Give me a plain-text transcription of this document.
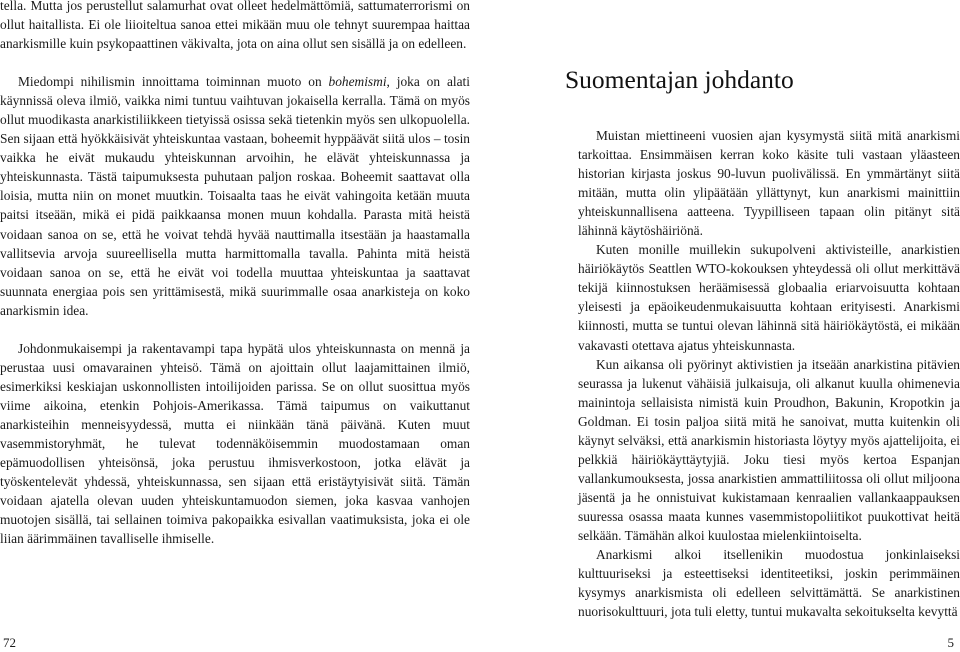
tella. Mutta jos perustellut salamurhat ovat olleet hedelmättömiä, sattumaterrorismi on ollut haitallista. Ei ole liioiteltua sanoa ettei mikään muu ole tehnyt suurempaa haittaa anarkismille kuin psykopaattinen väkivalta, jota on aina ollut sen sisällä ja on edelleen.

Miedompi nihilismin innoittama toiminnan muoto on bohemismi, joka on alati käynnissä oleva ilmiö, vaikka nimi tuntuu vaihtuvan jokaisella kerralla. Tämä on myös ollut muodikasta anarkistiliikkeen tietyissä osissa sekä tietenkin myös sen ulkopuolella. Sen sijaan että hyökkäisivät yhteiskuntaa vastaan, boheemit hyppäävät siitä ulos – tosin vaikka he eivät mukaudu yhteiskunnan arvoihin, he elävät yhteiskunnassa ja yhteiskunnasta. Tästä taipumuksesta puhutaan paljon roskaa. Boheemit saattavat olla loisia, mutta niin on monet muutkin. Toisaalta taas he eivät vahingoita ketään muuta paitsi itseään, mikä ei pidä paikkaansa monen muun kohdalla. Parasta mitä heistä voidaan sanoa on se, että he voivat tehdä hyvää nauttimalla itsestään ja haastamalla vallitsevia arvoja suureellisella mutta harmittomalla tavalla. Pahinta mitä heistä voidaan sanoa on se, että he eivät voi todella muuttaa yhteiskuntaa ja saattavat suunnata energiaa pois sen yrittämisestä, mikä suurimmalle osaa anarkisteja on koko anarkismin idea.

Johdonmukaisempi ja rakentavampi tapa hypätä ulos yhteiskunnasta on mennä ja perustaa uusi omavarainen yhteisö. Tämä on ajoittain ollut laajamittainen ilmiö, esimerkiksi keskiajan uskonnollisten intoilijoiden parissa. Se on ollut suosittua myös viime aikoina, etenkin Pohjois-Amerikassa. Tämä taipumus on vaikuttanut anarkisteihin menneisyydessä, mutta ei niinkään tänä päivänä. Kuten muut vasemmistoryhmät, he tulevat todennäköisemmin muodostamaan oman epämuodollisen yhteisönsä, joka perustuu ihmisverkostoon, jotka elävät ja työskentelevät yhdessä, yhteiskunnassa, sen sijaan että eristäytyisivät siitä. Tämän voidaan ajatella olevan uuden yhteiskuntamuodon siemen, joka kasvaa vanhojen muotojen sisällä, tai sellainen toimiva pakopaikka esivallan vaatimuksista, joka ei ole liian äärimmäinen tavalliselle ihmiselle.

72
Suomentajan johdanto

Muistan miettineeni vuosien ajan kysymystä siitä mitä anarkismi tarkoittaa. Ensimmäisen kerran koko käsite tuli vastaan yläasteen historian kirjasta joskus 90-luvun puolivälissä. En ymmärtänyt siitä mitään, mutta olin ylipäätään yllättynyt, kun anarkismi mainittiin yhteiskunnallisena aatteena. Tyypilliseen tapaan olin pitänyt sitä lähinnä käytöshäiriönä.

Kuten monille muillekin sukupolveni aktivisteille, anarkistien häiriökäytös Seattlen WTO-kokouksen yhteydessä oli ollut merkittävä tekijä kiinnostuksen heräämisessä globaalia eriarvoisuutta kohtaan yleisesti ja epäoikeudenmukaisuutta kohtaan erityisesti. Anarkismi kiinnosti, mutta se tuntui olevan lähinnä sitä häiriökäytöstä, ei mikään vakavasti otettava ajatus yhteiskunnasta.

Kun aikansa oli pyörinyt aktivistien ja itseään anarkistina pitävien seurassa ja lukenut vähäisiä julkaisuja, oli alkanut kuulla ohimenevia mainintoja sellaisista nimistä kuin Proudhon, Bakunin, Kropotkin ja Goldman. Ei tosin paljoa siitä mitä he sanoivat, mutta kuitenkin oli käynyt selväksi, että anarkismin historiasta löytyy myös ajattelijoita, ei pelkkiä häiriökäyttäytyjiä. Joku tiesi myös kertoa Espanjan vallankumouksesta, jossa anarkistien ammattiliitossa oli ollut miljoona jäsentä ja he onnistuivat kukistamaan kenraalien vallankaappauksen suuressa osassa maata kunnes vasemmistopoliitikot puukottivat heitä selkään. Tämähän alkoi kuulostaa mielenkiintoiselta.

Anarkismi alkoi itsellenikin muodostua jonkinlaiseksi kulttuuriseksi ja esteettiseksi identiteetiksi, joskin perimmäinen kysymys anarkismista oli edelleen selvittämättä. Se anarkistinen nuorisokulttuuri, jota tuli eletty, tuntui mukavalta sekoitukselta kevyttä

5
